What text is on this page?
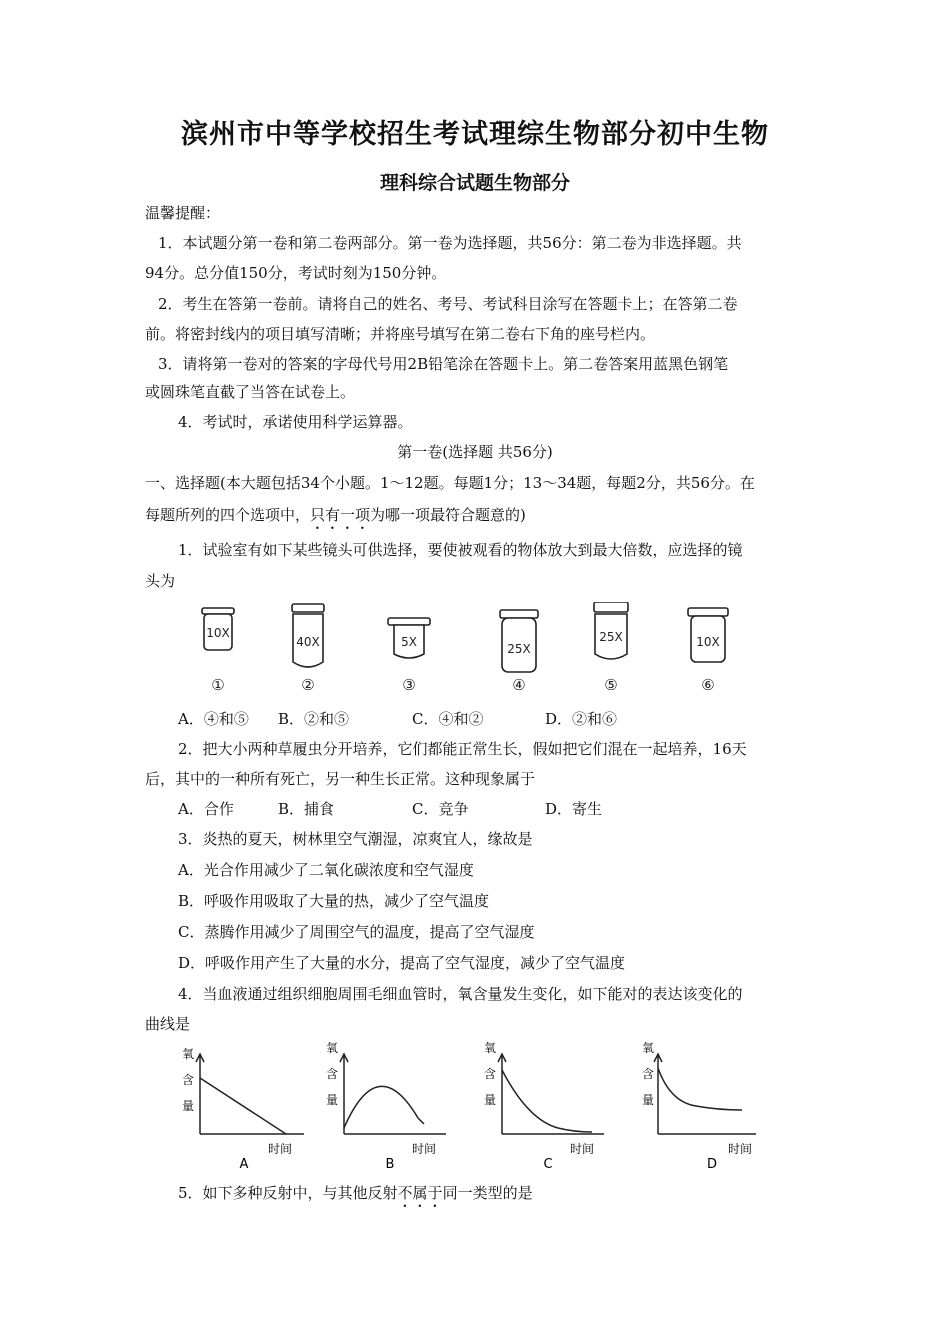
滨州市中等学校招生考试理综生物部分初中生物
理科综合试题生物部分
温馨提醒：
1．本试题分第一卷和第二卷两部分。第一卷为选择题，共56分：第二卷为非选择题。共
94分。总分值150分，考试时刻为150分钟。
2．考生在答第一卷前。请将自己的姓名、考号、考试科目涂写在答题卡上；在答第二卷
前。将密封线内的项目填写清晰；并将座号填写在第二卷右下角的座号栏内。
3．请将第一卷对的答案的字母代号用2B铅笔涂在答题卡上。第二卷答案用蓝黑色钢笔
或圆珠笔直截了当答在试卷上。
4．考试时，承诺使用科学运算器。
第一卷(选择题 共56分)
一、选择题(本大题包括34个小题。1～12题。每题1分；13～34题，每题2分，共56分。在
每题所列的四个选项中，只有一项为哪一项最符合题意的)
1．试验室有如下某些镜头可供选择，要使被观看的物体放大到最大倍数，应选择的镜
头为
10X
①
40X
②
5X
③
25X
④
25X
⑤
10X
⑥
A．④和⑤ B．②和⑤	C．④和②	D．②和⑥
2．把大小两种草履虫分开培养，它们都能正常生长，假如把它们混在一起培养，16天
后，其中的一种所有死亡，另一种生长正常。这种现象属于
A．合作	B．捕食	C．竞争	D．寄生
3．炎热的夏天，树林里空气潮湿，凉爽宜人，缘故是
A．光合作用减少了二氧化碳浓度和空气湿度
B．呼吸作用吸取了大量的热，减少了空气温度
C．蒸腾作用减少了周围空气的温度，提高了空气湿度
D．呼吸作用产生了大量的水分，提高了空气湿度，减少了空气温度
4．当血液通过组织细胞周围毛细血管时，氧含量发生变化，如下能对的表达该变化的
曲线是
氧
含
量
时间
A
氧
含
量
时间
B
氧
含
量
时间
C
氧
含
量
时间
D
5．如下多种反射中，与其他反射不属于同一类型的是
